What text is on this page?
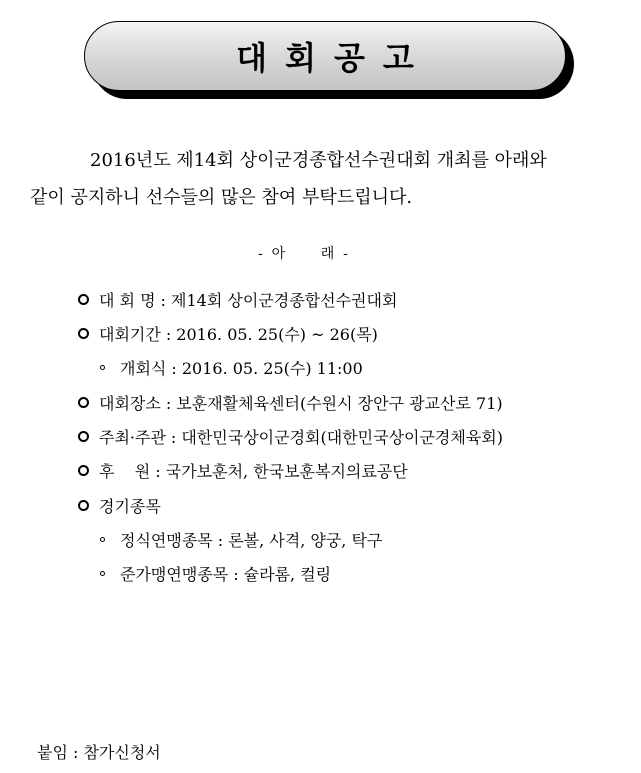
대회공고

2016년도 제14회 상이군경종합선수권대회 개최를 아래와
같이 공지하니 선수들의 많은 참여 부탁드립니다.

-  아        래  -
대 회 명 : 제14회 상이군경종합선수권대회
대회기간 : 2016. 05. 25(수) ~ 26(목)
개회식 : 2016. 05. 25(수) 11:00
대회장소 : 보훈재활체육센터(수원시 장안구 광교산로 71)
주최·주관 : 대한민국상이군경회(대한민국상이군경체육회)
후    원 : 국가보훈처, 한국보훈복지의료공단
경기종목
정식연맹종목 : 론볼, 사격, 양궁, 탁구
준가맹연맹종목 : 슐라롬, 컬링
붙임 : 참가신청서
